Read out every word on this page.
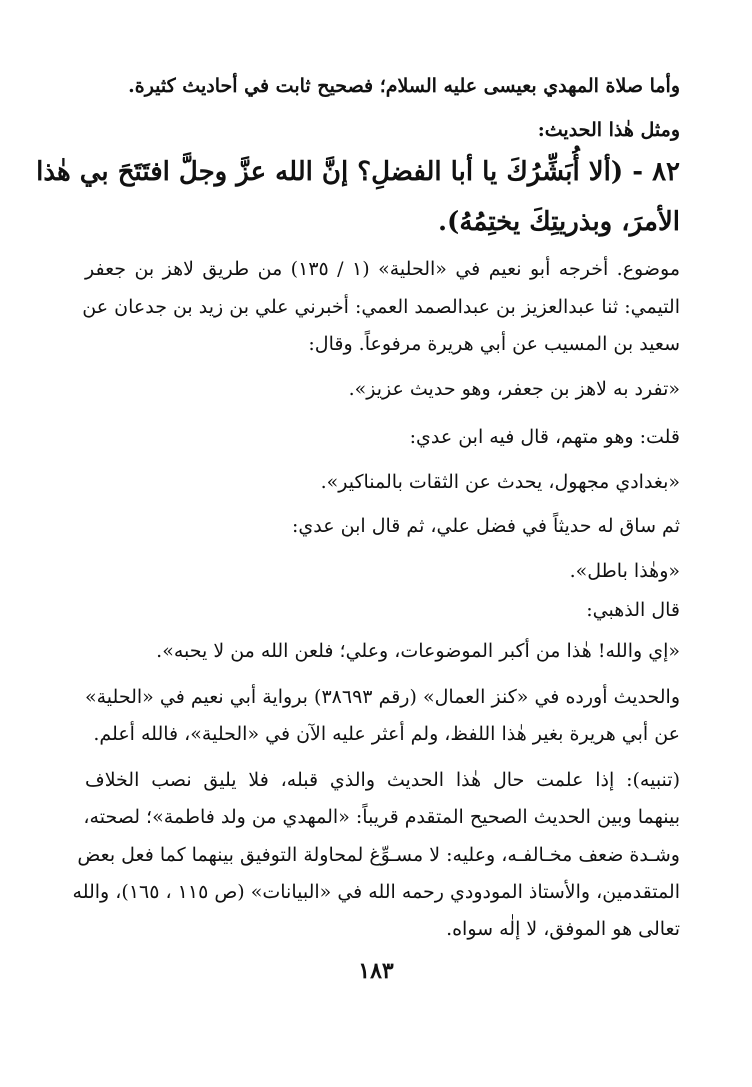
وأما صلاة المهدي بعيسى عليه السلام؛ فصحيح ثابت في أحاديث كثيرة.
ومثل هٰذا الحديث:
٨٢ - (ألا أُبَشِّرُكَ يا أبا الفضلِ؟ إنَّ الله عزَّ وجلَّ افتَتَحَ بي هٰذا
الأمرَ، وبذريتِكَ يختِمُهُ).
موضوع. أخرجه أبو نعيم في «الحلية» (١ / ١٣٥) من طريق لاهز بن جعفر
التيمي: ثنا عبدالعزيز بن عبدالصمد العمي: أخبرني علي بن زيد بن جدعان عن
سعيد بن المسيب عن أبي هريرة مرفوعاً. وقال:
«تفرد به لاهز بن جعفر، وهو حديث عزيز».
قلت: وهو متهم، قال فيه ابن عدي:
«بغدادي مجهول، يحدث عن الثقات بالمناكير».
ثم ساق له حديثاً في فضل علي، ثم قال ابن عدي:
«وهٰذا باطل».
قال الذهبي:
«إي والله! هٰذا من أكبر الموضوعات، وعلي؛ فلعن الله من لا يحبه».
والحديث أورده في «كنز العمال» (رقم ٣٨٦٩٣) برواية أبي نعيم في «الحلية»
عن أبي هريرة بغير هٰذا اللفظ، ولم أعثر عليه الآن في «الحلية»، فالله أعلم.
(تنبيه): إذا علمت حال هٰذا الحديث والذي قبله، فلا يليق نصب الخلاف
بينهما وبين الحديث الصحيح المتقدم قريباً: «المهدي من ولد فاطمة»؛ لصحته،
وشـدة ضعف مخـالفـه، وعليه: لا مسـوِّغ لمحاولة التوفيق بينهما كما فعل بعض
المتقدمين، والأستاذ المودودي رحمه الله في «البيانات» (ص ١١٥ ، ١٦٥)، والله
تعالى هو الموفق، لا إلٰه سواه.
١٨٣
